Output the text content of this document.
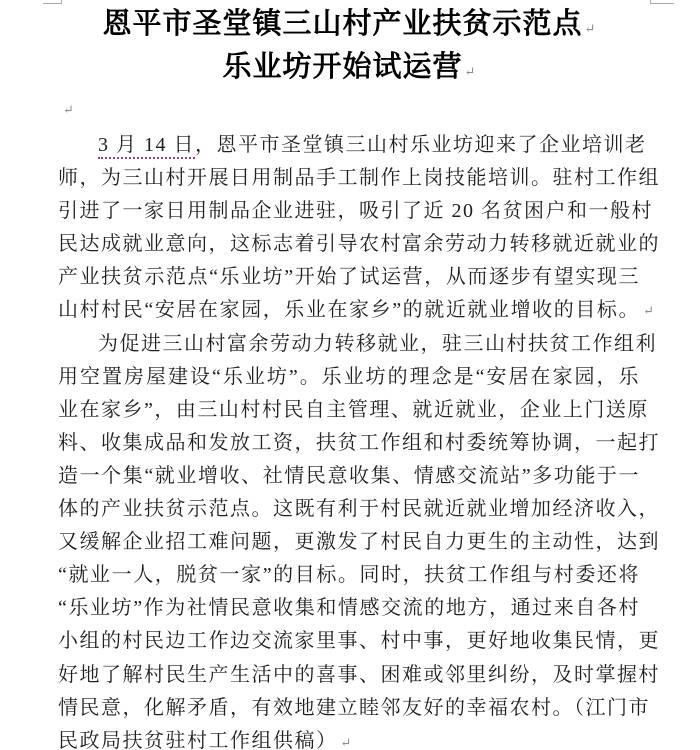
恩平市圣堂镇三山村产业扶贫示范点 ↵
乐业坊开始试运营 ↵
↵
3 月 14 日，恩平市圣堂镇三山村乐业坊迎来了企业培训老
师，为三山村开展日用制品手工制作上岗技能培训。驻村工作组
引进了一家日用制品企业进驻，吸引了近 20 名贫困户和一般村
民达成就业意向，这标志着引导农村富余劳动力转移就近就业的
产业扶贫示范点“乐业坊”开始了试运营，从而逐步有望实现三
山村村民“安居在家园，乐业在家乡”的就近就业增收的目标。 ↵
为促进三山村富余劳动力转移就业，驻三山村扶贫工作组利
用空置房屋建设“乐业坊”。乐业坊的理念是“安居在家园，乐
业在家乡”，由三山村村民自主管理、就近就业，企业上门送原
料、收集成品和发放工资，扶贫工作组和村委统筹协调，一起打
造一个集“就业增收、社情民意收集、情感交流站”多功能于一
体的产业扶贫示范点。这既有利于村民就近就业增加经济收入，
又缓解企业招工难问题，更激发了村民自力更生的主动性，达到
“就业一人，脱贫一家”的目标。同时，扶贫工作组与村委还将
“乐业坊”作为社情民意收集和情感交流的地方，通过来自各村
小组的村民边工作边交流家里事、村中事，更好地收集民情，更
好地了解村民生产生活中的喜事、困难或邻里纠纷，及时掌握村
情民意，化解矛盾，有效地建立睦邻友好的幸福农村。（江门市
民政局扶贫驻村工作组供稿） ↵
